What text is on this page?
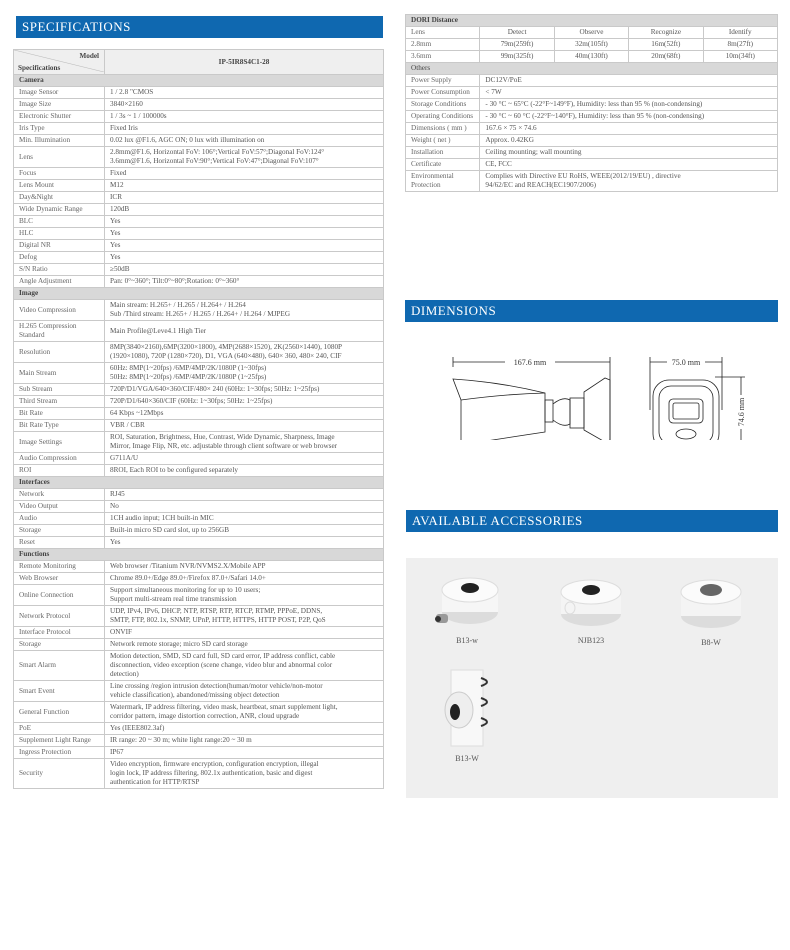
SPECIFICATIONS
Model
Specifications	IP-5IR8S4C1-28
Camera	
Image Sensor	1 / 2.8 "CMOS

Image Size	3840×2160

Electronic Shutter	1 / 3s ~ 1 / 100000s

Iris Type	Fixed Iris

Min. Illumination	0.02 lux @F1.6, AGC ON; 0 lux with illumination on

Lens	2.8mm@F1.6, Horizontal FoV: 106°;Vertical FoV:57°;Diagonal FoV:124°
3.6mm@F1.6, Horizontal FoV:90°;Vertical FoV:47°;Diagonal FoV:107°

Focus	Fixed

Lens Mount	M12

Day&Night	ICR

Wide Dynamic Range	120dB

BLC	Yes

HLC	Yes

Digital NR	Yes

Defog	Yes

S/N Ratio	≥50dB

Angle Adjustment	Pan: 0°~360°; Tilt:0°~80°;Rotation: 0°~360°

Image	
Video Compression	Main stream: H.265+ / H.265 / H.264+ / H.264
Sub /Third stream: H.265+ / H.265 / H.264+ / H.264 / MJPEG

H.265 Compression Standard	Main Profile@Leve4.1 High Tier

Resolution	8MP(3840×2160),6MP(3200×1800), 4MP(2688×1520), 2K(2560×1440), 1080P
(1920×1080), 720P (1280×720), D1, VGA (640×480), 640× 360, 480× 240, CIF

Main Stream	60Hz: 8MP(1~20fps) /6MP/4MP/2K/1080P (1~30fps)
50Hz: 8MP(1~20fps) /6MP/4MP/2K/1080P (1~25fps)

Sub Stream	720P/D1/VGA/640×360/CIF/480× 240 (60Hz: 1~30fps; 50Hz: 1~25fps)

Third Stream	720P/D1/640×360/CIF (60Hz: 1~30fps; 50Hz: 1~25fps)

Bit Rate	64 Kbps ~12Mbps

Bit Rate Type	VBR / CBR

Image Settings	ROI, Saturation, Brightness, Hue, Contrast, Wide Dynamic, Sharpness, Image
Mirror, Image Flip, NR, etc. adjustable through client software or web browser

Audio Compression	G711A/U

ROI	8ROI, Each ROI to be configured separately

Interfaces	
Network	RJ45

Video Output	No

Audio	1CH audio input; 1CH built-in MIC

Storage	Built-in micro SD card slot, up to 256GB

Reset	Yes

Functions	
Remote Monitoring	Web browser /Titanium NVR/NVMS2.X/Mobile APP

Web Browser	Chrome 89.0+/Edge 89.0+/Firefox 87.0+/Safari 14.0+

Online Connection	Support simultaneous monitoring for up to 10 users;
Support multi-stream real time transmission

Network Protocol	UDP, IPv4, IPv6, DHCP, NTP, RTSP, RTP, RTCP, RTMP, PPPoE, DDNS,
SMTP, FTP, 802.1x, SNMP, UPnP, HTTP, HTTPS, HTTP POST, P2P, QoS

Interface Protocol	ONVIF

Storage	Network remote storage; micro SD card storage

Smart Alarm	Motion detection, SMD, SD card full, SD card error, IP address conflict, cable
disconnection, video exception (scene change, video blur and abnormal color
detection)

Smart Event	Line crossing /region intrusion detection(human/motor vehicle/non-motor
vehicle classification), abandoned/missing object detection

General Function	Watermark, IP address filtering, video mask, heartbeat, smart supplement light,
corridor pattern, image distortion correction, ANR, cloud upgrade

PoE	Yes (IEEE802.3af)

Supplement Light Range	IR range: 20 ~ 30 m; white light range:20 ~ 30 m

Ingress Protection	IP67

Security	Video encryption, firmware encryption, configuration encryption, illegal
login lock, IP address filtering, 802.1x authentication, basic and digest
authentication for HTTP/RTSP
DORI Distance				
Lens	Detect	Observe	Recognize	Identify
2.8mm	79m(259ft)	32m(105ft)	16m(52ft)	8m(27ft)
3.6mm	99m(325ft)	40m(130ft)	20m(68ft)	10m(34ft)
Others				
Power Supply	DC12V/PoE			

Power Consumption	< 7W			

Storage Conditions	- 30 °C ~ 65°C (-22°F~149°F), Humidity: less than 95 % (non-condensing)			

Operating Conditions	- 30 °C ~ 60 °C (-22°F~140°F), Humidity: less than 95 % (non-condensing)			

Dimensions ( mm )	167.6 × 75 × 74.6			

Weight ( net )	Approx. 0.42KG			

Installation	Ceiling mounting; wall mounting			

Certificate	CE, FCC			

Environmental Protection	Complies with Directive EU RoHS, WEEE(2012/19/EU) , directive
94/62/EC and REACH(EC1907/2006)			
DIMENSIONS
167.6 mm	75.0 mm
74.6 mm
AVAILABLE ACCESSORIES
B13-w	NJB123	B8-W
B13-W
